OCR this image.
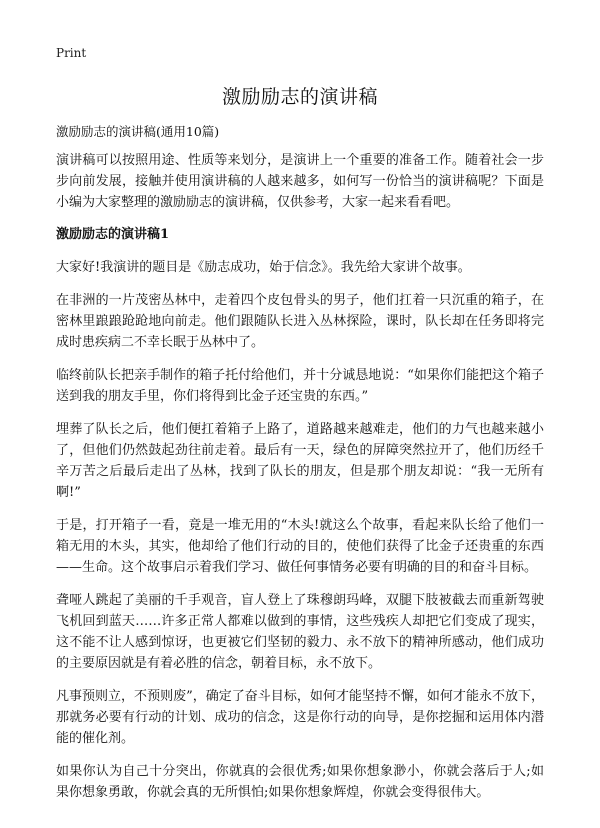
Print
激励励志的演讲稿
激励励志的演讲稿(通用10篇)

演讲稿可以按照用途、性质等来划分，是演讲上一个重要的准备工作。随着社会一步步向前发展，接触并使用演讲稿的人越来越多，如何写一份恰当的演讲稿呢？下面是小编为大家整理的激励励志的演讲稿，仅供参考，大家一起来看看吧。

激励励志的演讲稿1

大家好!我演讲的题目是《励志成功，始于信念》。我先给大家讲个故事。

在非洲的一片茂密丛林中，走着四个皮包骨头的男子，他们扛着一只沉重的箱子，在密林里踉踉跄跄地向前走。他们跟随队长进入丛林探险，课时，队长却在任务即将完成时患疾病二不幸长眠于丛林中了。

临终前队长把亲手制作的箱子托付给他们，并十分诚恳地说：“如果你们能把这个箱子送到我的朋友手里，你们将得到比金子还宝贵的东西。”

埋葬了队长之后，他们便扛着箱子上路了，道路越来越难走，他们的力气也越来越小了，但他们仍然鼓起劲往前走着。最后有一天，绿色的屏障突然拉开了，他们历经千辛万苦之后最后走出了丛林，找到了队长的朋友，但是那个朋友却说：“我一无所有啊!”

于是，打开箱子一看，竟是一堆无用的“木头!就这么个故事，看起来队长给了他们一箱无用的木头，其实，他却给了他们行动的目的，使他们获得了比金子还贵重的东西——生命。这个故事启示着我们学习、做任何事情务必要有明确的目的和奋斗目标。

聋哑人跳起了美丽的千手观音，盲人登上了珠穆朗玛峰，双腿下肢被截去而重新驾驶飞机回到蓝天……许多正常人都难以做到的事情，这些残疾人却把它们变成了现实，这不能不让人感到惊讶，也更被它们坚韧的毅力、永不放下的精神所感动，他们成功的主要原因就是有着必胜的信念，朝着目标，永不放下。

凡事预则立，不预则废”，确定了奋斗目标，如何才能坚持不懈，如何才能永不放下，那就务必要有行动的计划、成功的信念，这是你行动的向导，是你挖掘和运用体内潜能的催化剂。

如果你认为自己十分突出，你就真的会很优秀;如果你想象渺小，你就会落后于人;如果你想象勇敢，你就会真的无所惧怕;如果你想象辉煌，你就会变得很伟大。
